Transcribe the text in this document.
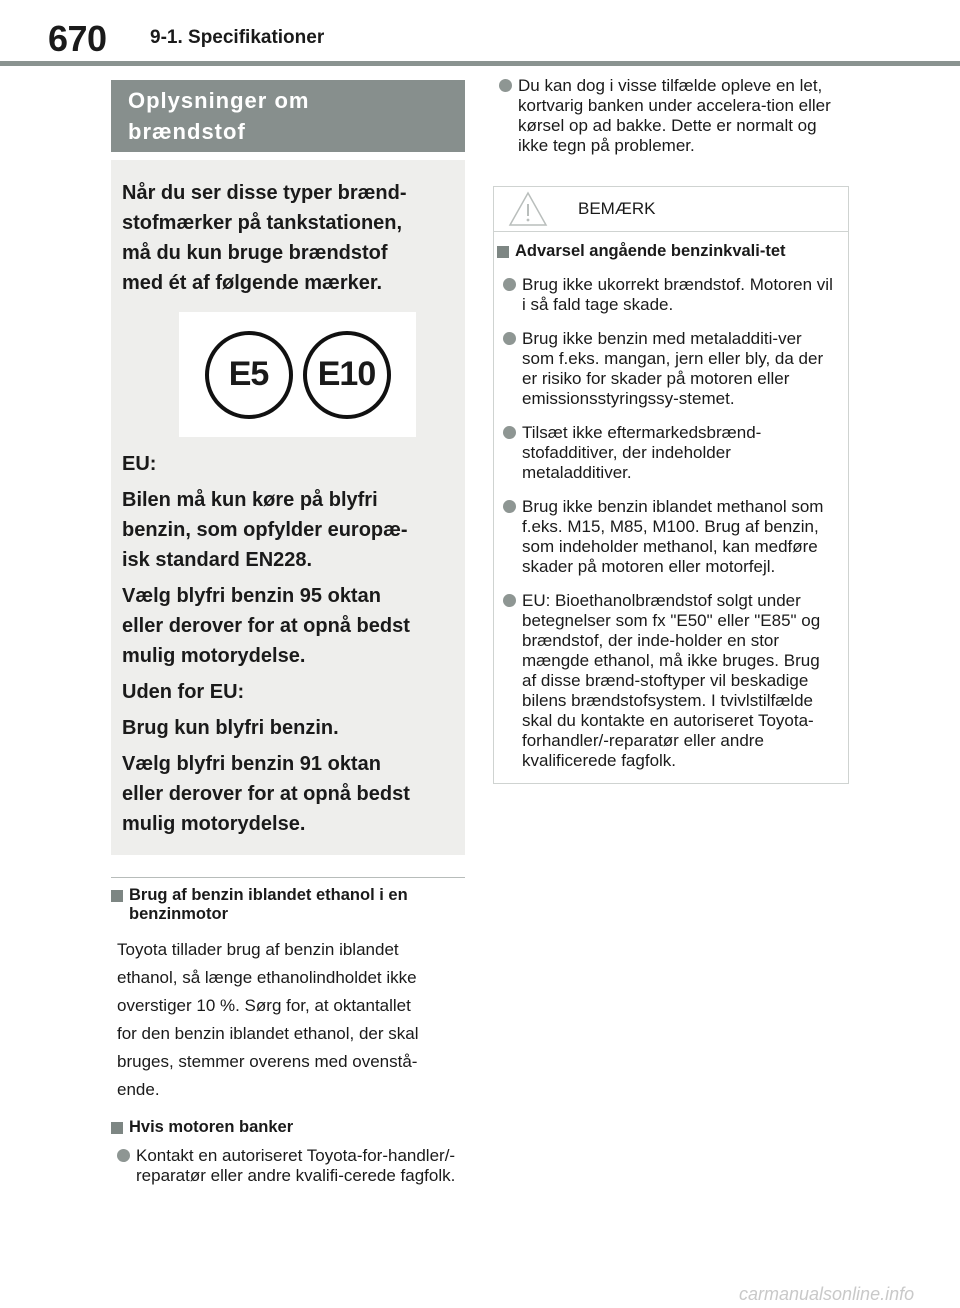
670 9-1. Specifikationer
Oplysninger om
brændstof

Når du ser disse typer brænd-

stofmærker på tankstationen,

må du kun bruge brændstof

med ét af følgende mærker.

E5	E10

EU:

Bilen må kun køre på blyfri

benzin, som opfylder europæ-

isk standard EN228.

Vælg blyfri benzin 95 oktan

eller derover for at opnå bedst

mulig motorydelse.

Uden for EU:

Brug kun blyfri benzin.

Vælg blyfri benzin 91 oktan

eller derover for at opnå bedst

mulig motorydelse.

Brug af benzin iblandet ethanol i en benzinmotor
Toyota tillader brug af benzin iblandet
ethanol, så længe ethanolindholdet ikke
overstiger 10 %. Sørg for, at oktantallet
for den benzin iblandet ethanol, der skal
bruges, stemmer overens med ovenstå-
ende.
Hvis motoren banker
Kontakt en autoriseret Toyota-for-handler/-reparatør eller andre kvalifi-cerede fagfolk.
Du kan dog i visse tilfælde opleve en let, kortvarig banken under accelera-tion eller kørsel op ad bakke. Dette er normalt og ikke tegn på problemer.
BEMÆRK
Advarsel angående benzinkvali-tet
Brug ikke ukorrekt brændstof. Motoren vil i så fald tage skade.
Brug ikke benzin med metaladditi-ver som f.eks. mangan, jern eller bly, da der er risiko for skader på motoren eller emissionsstyringssy-stemet.
Tilsæt ikke eftermarkedsbrænd-stofadditiver, der indeholder metaladditiver.
Brug ikke benzin iblandet methanol som f.eks. M15, M85, M100. Brug af benzin, som indeholder methanol, kan medføre skader på motoren eller motorfejl.
EU: Bioethanolbrændstof solgt under betegnelser som fx "E50" eller "E85" og brændstof, der inde-holder en stor mængde ethanol, må ikke bruges. Brug af disse brænd-stoftyper vil beskadige bilens brændstofsystem. I tvivlstilfælde skal du kontakte en autoriseret Toyota-forhandler/-reparatør eller andre kvalificerede fagfolk.
carmanualsonline.info
